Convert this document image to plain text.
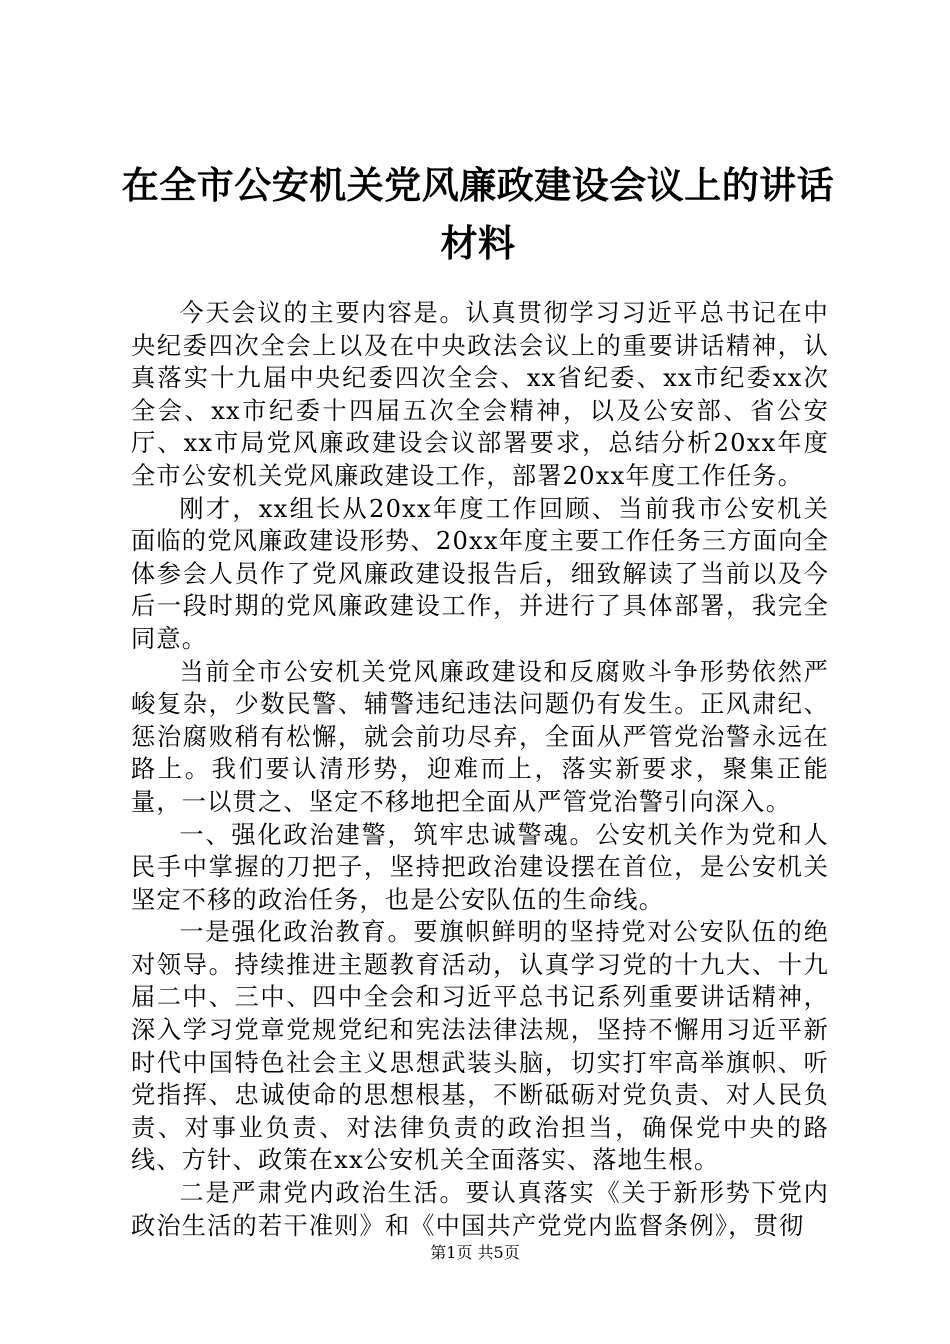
在全市公安机关党风廉政建设会议上的讲话材料

今天会议的主要内容是。认真贯彻学习习近平总书记在中央纪委四次全会上以及在中央政法会议上的重要讲话精神，认真落实十九届中央纪委四次全会、xx省纪委、xx市纪委xx次全会、xx市纪委十四届五次全会精神，以及公安部、省公安厅、xx市局党风廉政建设会议部署要求，总结分析20xx年度全市公安机关党风廉政建设工作，部署20xx年度工作任务。

刚才，xx组长从20xx年度工作回顾、当前我市公安机关面临的党风廉政建设形势、20xx年度主要工作任务三方面向全体参会人员作了党风廉政建设报告后，细致解读了当前以及今后一段时期的党风廉政建设工作，并进行了具体部署，我完全同意。

当前全市公安机关党风廉政建设和反腐败斗争形势依然严峻复杂，少数民警、辅警违纪违法问题仍有发生。正风肃纪、惩治腐败稍有松懈，就会前功尽弃，全面从严管党治警永远在路上。我们要认清形势，迎难而上，落实新要求，聚集正能量，一以贯之、坚定不移地把全面从严管党治警引向深入。

一、强化政治建警，筑牢忠诚警魂。公安机关作为党和人民手中掌握的刀把子，坚持把政治建设摆在首位，是公安机关坚定不移的政治任务，也是公安队伍的生命线。

一是强化政治教育。要旗帜鲜明的坚持党对公安队伍的绝对领导。持续推进主题教育活动，认真学习党的十九大、十九届二中、三中、四中全会和习近平总书记系列重要讲话精神，深入学习党章党规党纪和宪法法律法规，坚持不懈用习近平新时代中国特色社会主义思想武装头脑，切实打牢高举旗帜、听党指挥、忠诚使命的思想根基，不断砥砺对党负责、对人民负责、对事业负责、对法律负责的政治担当，确保党中央的路线、方针、政策在xx公安机关全面落实、落地生根。

二是严肃党内政治生活。要认真落实《关于新形势下党内政治生活的若干准则》和《中国共产党党内监督条例》，贯彻

第1页 共5页
